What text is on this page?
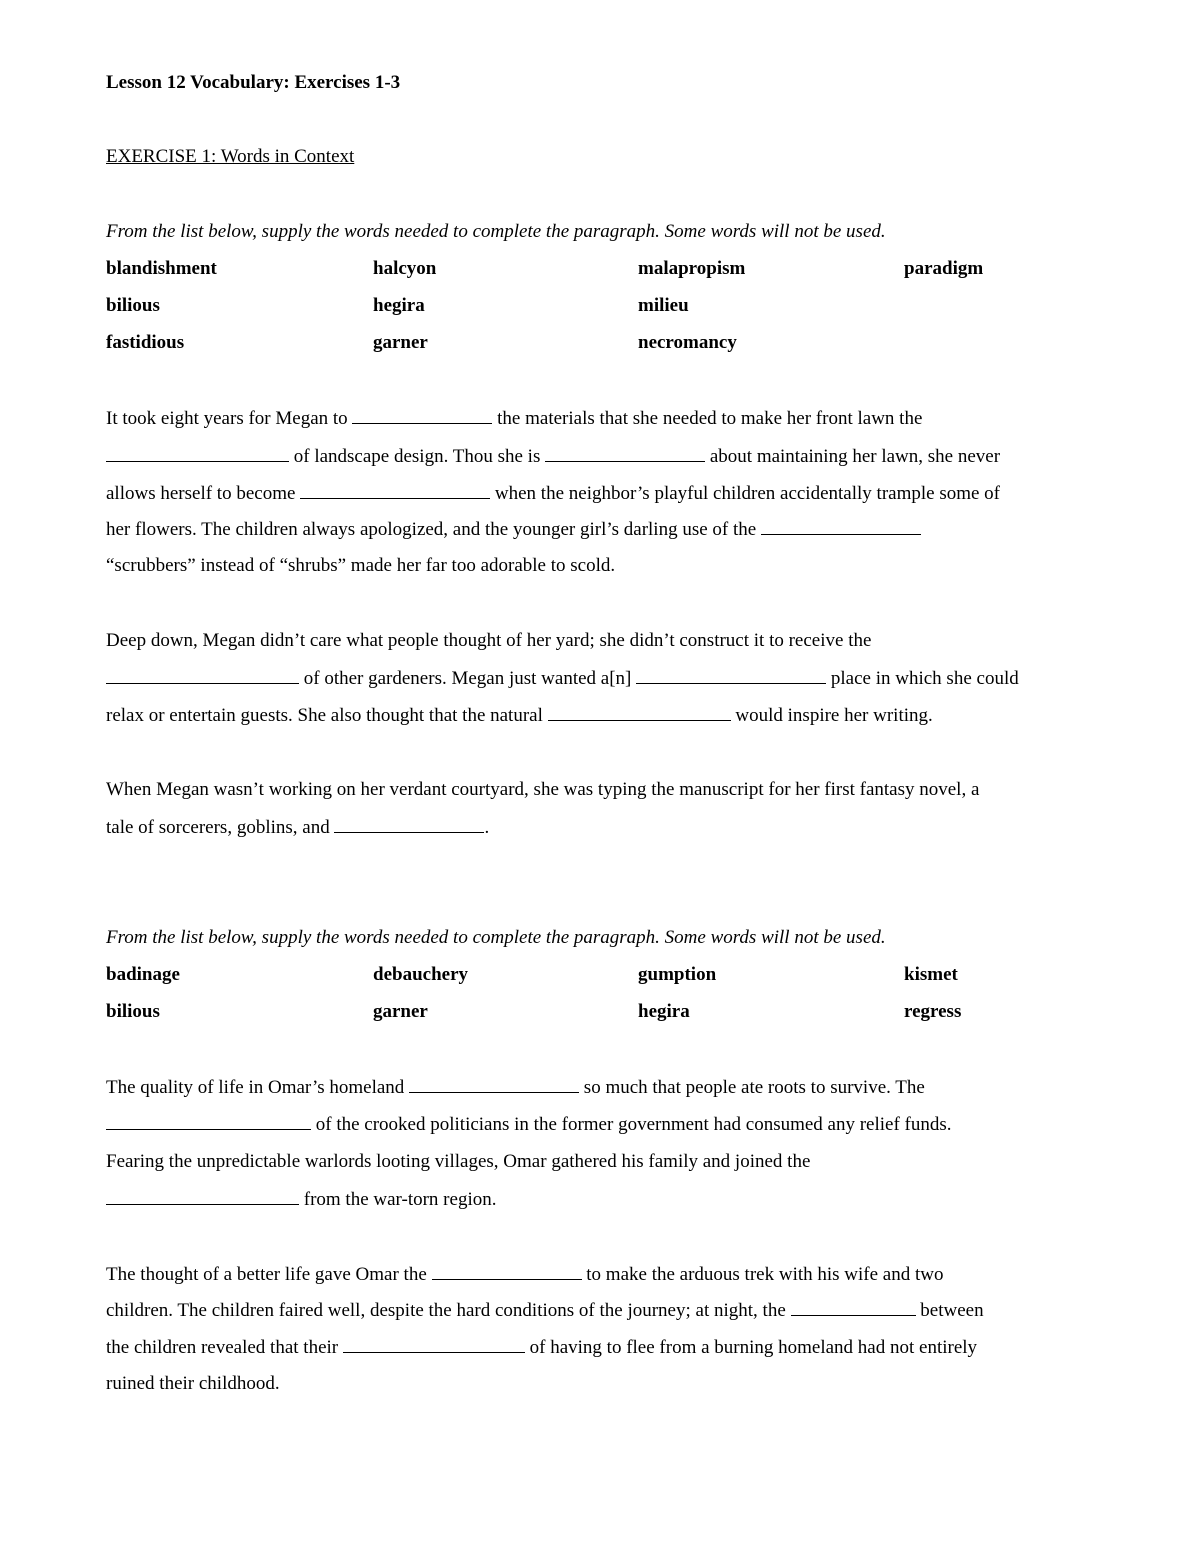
Lesson 12 Vocabulary: Exercises 1-3
EXERCISE 1: Words in Context
From the list below, supply the words needed to complete the paragraph. Some words will not be used.
blandishment	halcyon	malapropism	paradigm
bilious	hegira	milieu
fastidious	garner	necromancy
It took eight years for Megan to	the materials that she needed to make her front lawn the
of landscape design. Thou she is	about maintaining her lawn, she never
allows herself to become	when the neighbor’s playful children accidentally trample some of
her flowers. The children always apologized, and the younger girl’s darling use of the
“scrubbers” instead of “shrubs” made her far too adorable to scold.
Deep down, Megan didn’t care what people thought of her yard; she didn’t construct it to receive the
of other gardeners. Megan just wanted a[n]	place in which she could
relax or entertain guests. She also thought that the natural	would inspire her writing.
When Megan wasn’t working on her verdant courtyard, she was typing the manuscript for her first fantasy novel, a
tale of sorcerers, goblins, and	.
From the list below, supply the words needed to complete the paragraph. Some words will not be used.
badinage	debauchery	gumption	kismet
bilious	garner	hegira	regress
The quality of life in Omar’s homeland	so much that people ate roots to survive. The
of the crooked politicians in the former government had consumed any relief funds.
Fearing the unpredictable warlords looting villages, Omar gathered his family and joined the
from the war-torn region.
The thought of a better life gave Omar the	to make the arduous trek with his wife and two
children. The children faired well, despite the hard conditions of the journey; at night, the	between
the children revealed that their	of having to flee from a burning homeland had not entirely
ruined their childhood.
